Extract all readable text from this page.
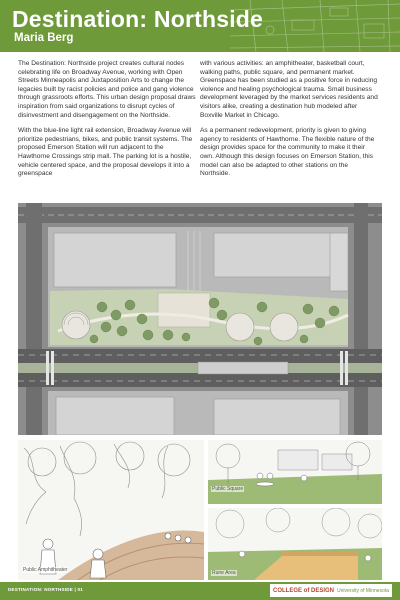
Destination: Northside
Maria Berg

The Destination: Northside project creates cultural nodes celebrating life on Broadway Avenue, working with Open Streets Minneapolis and Juxtaposition Arts to change the legacies built by racist policies and police and gang violence through grassroots efforts. This urban design proposal draws inspiration from said organizations to disrupt cycles of disinvestment and disengagement on the Northside.

With the blue-line light rail extension, Broadway Avenue will prioritize pedestrians, bikes, and public transit systems. The proposed Emerson Station will run adjacent to the Hawthorne Crossings strip mall. The parking lot is a hostile, vehicle centered space, and the proposal develops it into a greenspace

with various activities: an amphitheater, basketball court, walking paths, public square, and permanent market. Greenspace has been studied as a positive force in reducing violence and healing psychological trauma. Small business development leveraged by the market services residents and visitors alike, creating a destination hub modeled after Boxville Market in Chicago.

As a permanent redevelopment, priority is given to giving agency to residents of Hawthorne. The flexible nature of the design provides space for the community to make it their own. Although this design focuses on Emerson Station, this model can also be adapted to other stations on the Northside.

Public Amphitheater
Public Square
Rune Area
DESTINATION: NORTHSIDE | 01	COLLEGE of DESIGN University of Minnesota
